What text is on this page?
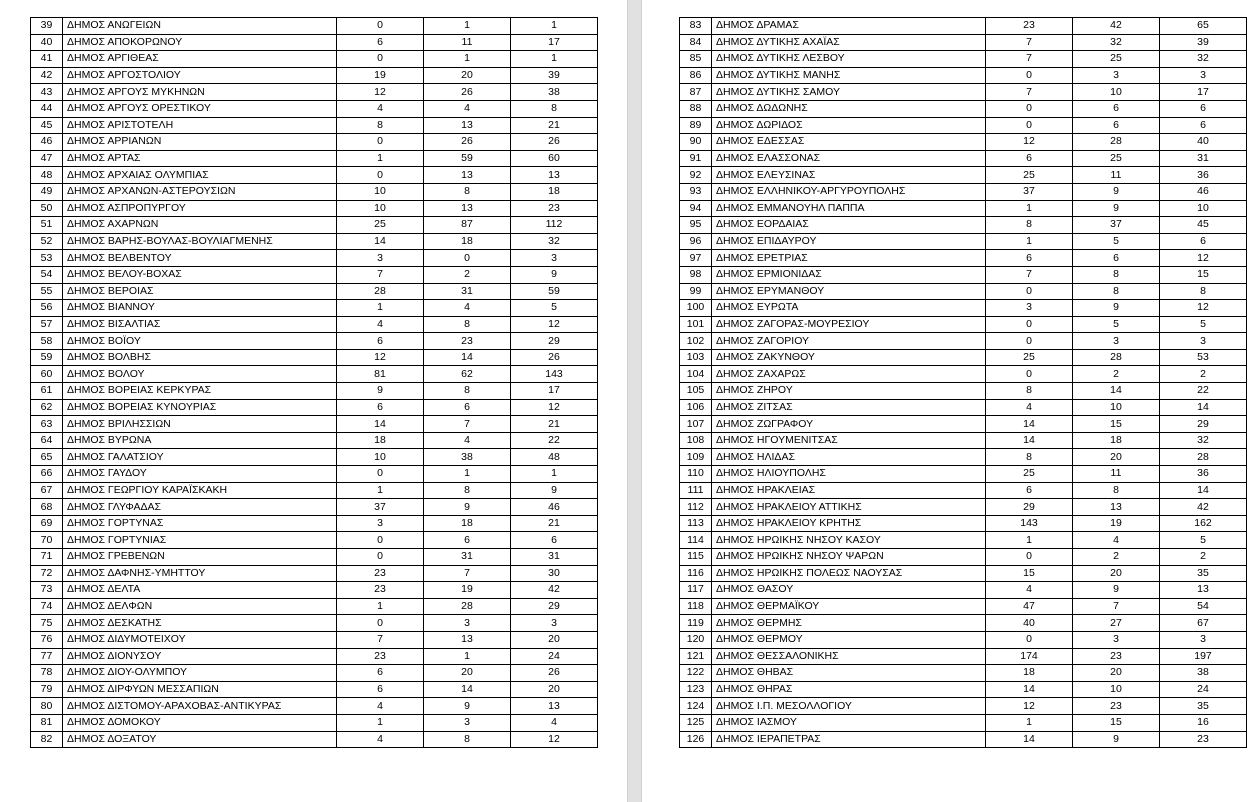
39	ΔΗΜΟΣ ΑΝΩΓΕΙΩΝ	0	1	1
40	ΔΗΜΟΣ ΑΠΟΚΟΡΩΝΟΥ	6	11	17
41	ΔΗΜΟΣ ΑΡΓΙΘΕΑΣ	0	1	1
42	ΔΗΜΟΣ ΑΡΓΟΣΤΟΛΙΟΥ	19	20	39
43	ΔΗΜΟΣ ΑΡΓΟΥΣ ΜΥΚΗΝΩΝ	12	26	38
44	ΔΗΜΟΣ ΑΡΓΟΥΣ ΟΡΕΣΤΙΚΟΥ	4	4	8
45	ΔΗΜΟΣ ΑΡΙΣΤΟΤΕΛΗ	8	13	21
46	ΔΗΜΟΣ ΑΡΡΙΑΝΩΝ	0	26	26
47	ΔΗΜΟΣ ΑΡΤΑΣ	1	59	60
48	ΔΗΜΟΣ ΑΡΧΑΙΑΣ ΟΛΥΜΠΙΑΣ	0	13	13
49	ΔΗΜΟΣ ΑΡΧΑΝΩΝ-ΑΣΤΕΡΟΥΣΙΩΝ	10	8	18
50	ΔΗΜΟΣ ΑΣΠΡΟΠΥΡΓΟΥ	10	13	23
51	ΔΗΜΟΣ ΑΧΑΡΝΩΝ	25	87	112
52	ΔΗΜΟΣ ΒΑΡΗΣ-ΒΟΥΛΑΣ-ΒΟΥΛΙΑΓΜΕΝΗΣ	14	18	32
53	ΔΗΜΟΣ ΒΕΛΒΕΝΤΟΥ	3	0	3
54	ΔΗΜΟΣ ΒΕΛΟΥ-ΒΟΧΑΣ	7	2	9
55	ΔΗΜΟΣ ΒΕΡΟΙΑΣ	28	31	59
56	ΔΗΜΟΣ ΒΙΑΝΝΟΥ	1	4	5
57	ΔΗΜΟΣ ΒΙΣΑΛΤΙΑΣ	4	8	12
58	ΔΗΜΟΣ ΒΟΪΟΥ	6	23	29
59	ΔΗΜΟΣ ΒΟΛΒΗΣ	12	14	26
60	ΔΗΜΟΣ ΒΟΛΟΥ	81	62	143
61	ΔΗΜΟΣ ΒΟΡΕΙΑΣ ΚΕΡΚΥΡΑΣ	9	8	17
62	ΔΗΜΟΣ ΒΟΡΕΙΑΣ ΚΥΝΟΥΡΙΑΣ	6	6	12
63	ΔΗΜΟΣ ΒΡΙΛΗΣΣΙΩΝ	14	7	21
64	ΔΗΜΟΣ ΒΥΡΩΝΑ	18	4	22
65	ΔΗΜΟΣ ΓΑΛΑΤΣΙΟΥ	10	38	48
66	ΔΗΜΟΣ ΓΑΥΔΟΥ	0	1	1
67	ΔΗΜΟΣ ΓΕΩΡΓΙΟΥ ΚΑΡΑΪΣΚΑΚΗ	1	8	9
68	ΔΗΜΟΣ ΓΛΥΦΑΔΑΣ	37	9	46
69	ΔΗΜΟΣ ΓΟΡΤΥΝΑΣ	3	18	21
70	ΔΗΜΟΣ ΓΟΡΤΥΝΙΑΣ	0	6	6
71	ΔΗΜΟΣ ΓΡΕΒΕΝΩΝ	0	31	31
72	ΔΗΜΟΣ ΔΑΦΝΗΣ-ΥΜΗΤΤΟΥ	23	7	30
73	ΔΗΜΟΣ ΔΕΛΤΑ	23	19	42
74	ΔΗΜΟΣ ΔΕΛΦΩΝ	1	28	29
75	ΔΗΜΟΣ ΔΕΣΚΑΤΗΣ	0	3	3
76	ΔΗΜΟΣ ΔΙΔΥΜΟΤΕΙΧΟΥ	7	13	20
77	ΔΗΜΟΣ ΔΙΟΝΥΣΟΥ	23	1	24
78	ΔΗΜΟΣ ΔΙΟΥ-ΟΛΥΜΠΟΥ	6	20	26
79	ΔΗΜΟΣ ΔΙΡΦΥΩΝ ΜΕΣΣΑΠΙΩΝ	6	14	20
80	ΔΗΜΟΣ ΔΙΣΤΟΜΟΥ-ΑΡΑΧΟΒΑΣ-ΑΝΤΙΚΥΡΑΣ	4	9	13
81	ΔΗΜΟΣ ΔΟΜΟΚΟΥ	1	3	4
82	ΔΗΜΟΣ ΔΟΞΑΤΟΥ	4	8	12
83	ΔΗΜΟΣ ΔΡΑΜΑΣ	23	42	65
84	ΔΗΜΟΣ ΔΥΤΙΚΗΣ ΑΧΑΪΑΣ	7	32	39
85	ΔΗΜΟΣ ΔΥΤΙΚΗΣ ΛΕΣΒΟΥ	7	25	32
86	ΔΗΜΟΣ ΔΥΤΙΚΗΣ ΜΑΝΗΣ	0	3	3
87	ΔΗΜΟΣ ΔΥΤΙΚΗΣ ΣΑΜΟΥ	7	10	17
88	ΔΗΜΟΣ ΔΩΔΩΝΗΣ	0	6	6
89	ΔΗΜΟΣ ΔΩΡΙΔΟΣ	0	6	6
90	ΔΗΜΟΣ ΕΔΕΣΣΑΣ	12	28	40
91	ΔΗΜΟΣ ΕΛΑΣΣΟΝΑΣ	6	25	31
92	ΔΗΜΟΣ ΕΛΕΥΣΙΝΑΣ	25	11	36
93	ΔΗΜΟΣ ΕΛΛΗΝΙΚΟΥ-ΑΡΓΥΡΟΥΠΟΛΗΣ	37	9	46
94	ΔΗΜΟΣ ΕΜΜΑΝΟΥΗΛ ΠΑΠΠΑ	1	9	10
95	ΔΗΜΟΣ ΕΟΡΔΑΙΑΣ	8	37	45
96	ΔΗΜΟΣ ΕΠΙΔΑΥΡΟΥ	1	5	6
97	ΔΗΜΟΣ ΕΡΕΤΡΙΑΣ	6	6	12
98	ΔΗΜΟΣ ΕΡΜΙΟΝΙΔΑΣ	7	8	15
99	ΔΗΜΟΣ ΕΡΥΜΑΝΘΟΥ	0	8	8
100	ΔΗΜΟΣ ΕΥΡΩΤΑ	3	9	12
101	ΔΗΜΟΣ ΖΑΓΟΡΑΣ-ΜΟΥΡΕΣΙΟΥ	0	5	5
102	ΔΗΜΟΣ ΖΑΓΟΡΙΟΥ	0	3	3
103	ΔΗΜΟΣ ΖΑΚΥΝΘΟΥ	25	28	53
104	ΔΗΜΟΣ ΖΑΧΑΡΩΣ	0	2	2
105	ΔΗΜΟΣ ΖΗΡΟΥ	8	14	22
106	ΔΗΜΟΣ ΖΙΤΣΑΣ	4	10	14
107	ΔΗΜΟΣ ΖΩΓΡΑΦΟΥ	14	15	29
108	ΔΗΜΟΣ ΗΓΟΥΜΕΝΙΤΣΑΣ	14	18	32
109	ΔΗΜΟΣ ΗΛΙΔΑΣ	8	20	28
110	ΔΗΜΟΣ ΗΛΙΟΥΠΟΛΗΣ	25	11	36
111	ΔΗΜΟΣ ΗΡΑΚΛΕΙΑΣ	6	8	14
112	ΔΗΜΟΣ ΗΡΑΚΛΕΙΟΥ ΑΤΤΙΚΗΣ	29	13	42
113	ΔΗΜΟΣ ΗΡΑΚΛΕΙΟΥ ΚΡΗΤΗΣ	143	19	162
114	ΔΗΜΟΣ ΗΡΩΙΚΗΣ ΝΗΣΟΥ ΚΑΣΟΥ	1	4	5
115	ΔΗΜΟΣ ΗΡΩΙΚΗΣ ΝΗΣΟΥ ΨΑΡΩΝ	0	2	2
116	ΔΗΜΟΣ ΗΡΩΙΚΗΣ ΠΟΛΕΩΣ ΝΑΟΥΣΑΣ	15	20	35
117	ΔΗΜΟΣ ΘΑΣΟΥ	4	9	13
118	ΔΗΜΟΣ ΘΕΡΜΑΪΚΟΥ	47	7	54
119	ΔΗΜΟΣ ΘΕΡΜΗΣ	40	27	67
120	ΔΗΜΟΣ ΘΕΡΜΟΥ	0	3	3
121	ΔΗΜΟΣ ΘΕΣΣΑΛΟΝΙΚΗΣ	174	23	197
122	ΔΗΜΟΣ ΘΗΒΑΣ	18	20	38
123	ΔΗΜΟΣ ΘΗΡΑΣ	14	10	24
124	ΔΗΜΟΣ Ι.Π. ΜΕΣΟΛΛΟΓΙΟΥ	12	23	35
125	ΔΗΜΟΣ ΙΑΣΜΟΥ	1	15	16
126	ΔΗΜΟΣ ΙΕΡΑΠΕΤΡΑΣ	14	9	23
